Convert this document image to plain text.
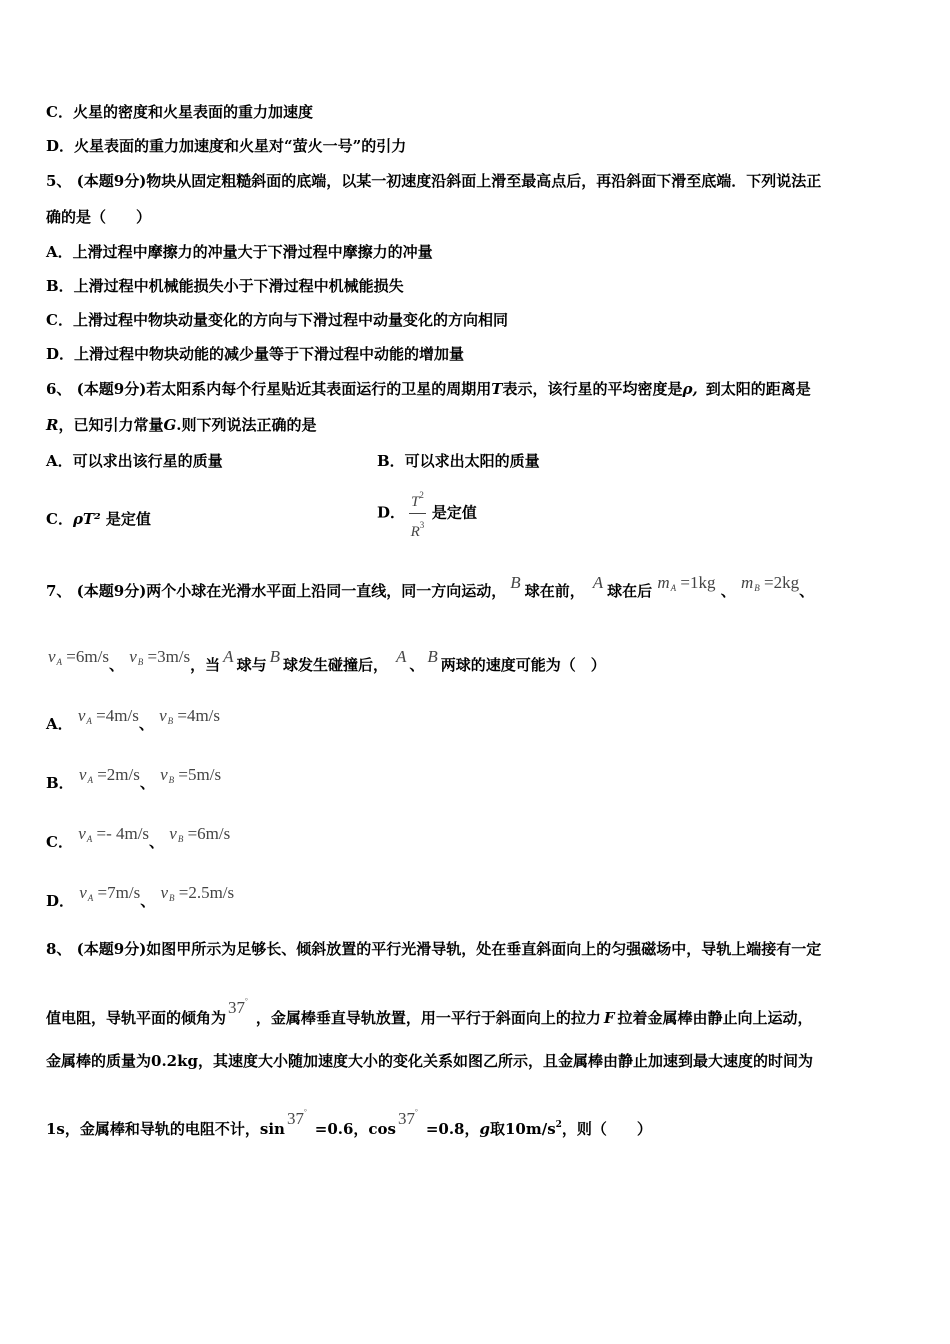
C．火星的密度和火星表面的重力加速度
D．火星表面的重力加速度和火星对“萤火一号”的引力
5、 (本题9分)物块从固定粗糙斜面的底端，以某一初速度沿斜面上滑至最高点后，再沿斜面下滑至底端．下列说法正
确的是（　　）
A．上滑过程中摩擦力的冲量大于下滑过程中摩擦力的冲量
B．上滑过程中机械能损失小于下滑过程中机械能损失
C．上滑过程中物块动量变化的方向与下滑过程中动量变化的方向相同
D．上滑过程中物块动能的减少量等于下滑过程中动能的增加量
6、 (本题9分)若太阳系内每个行星贴近其表面运行的卫星的周期用T表示，该行星的平均密度是ρ, 到太阳的距离是
R，已知引力常量G.则下列说法正确的是
A．可以求出该行星的质量	B．可以求出太阳的质量
C．ρT² 是定值	D． $\frac{T^2}{R^3}$ 是定值
7、 (本题9分)两个小球在光滑水平面上沿同一直线，同一方向运动， B 球在前， A 球在后 $m_A =1kg$ 、 $m_B =2kg$、
$v_A =6m/s$、 $v_B =3m/s$，当 A 球与 B 球发生碰撞后， A 、 B 两球的速度可能为（　）
A． $v_A =4m/s$、 $v_B =4m/s$
B． $v_A =2m/s$、 $v_B =5m/s$
C． $v_A =- 4m/s$、 $v_B =6m/s$
D． $v_A =7m/s$、 $v_B =2.5m/s$
8、 (本题9分)如图甲所示为足够长、倾斜放置的平行光滑导轨，处在垂直斜面向上的匀强磁场中，导轨上端接有一定
值电阻，导轨平面的倾角为37°，金属棒垂直导轨放置，用一平行于斜面向上的拉力 F 拉着金属棒由静止向上运动，
金属棒的质量为0.2kg，其速度大小随加速度大小的变化关系如图乙所示，且金属棒由静止加速到最大速度的时间为
1s，金属棒和导轨的电阻不计，sin37°=0.6，cos37°=0.8，g取$10m/s^2$，则（　　）
